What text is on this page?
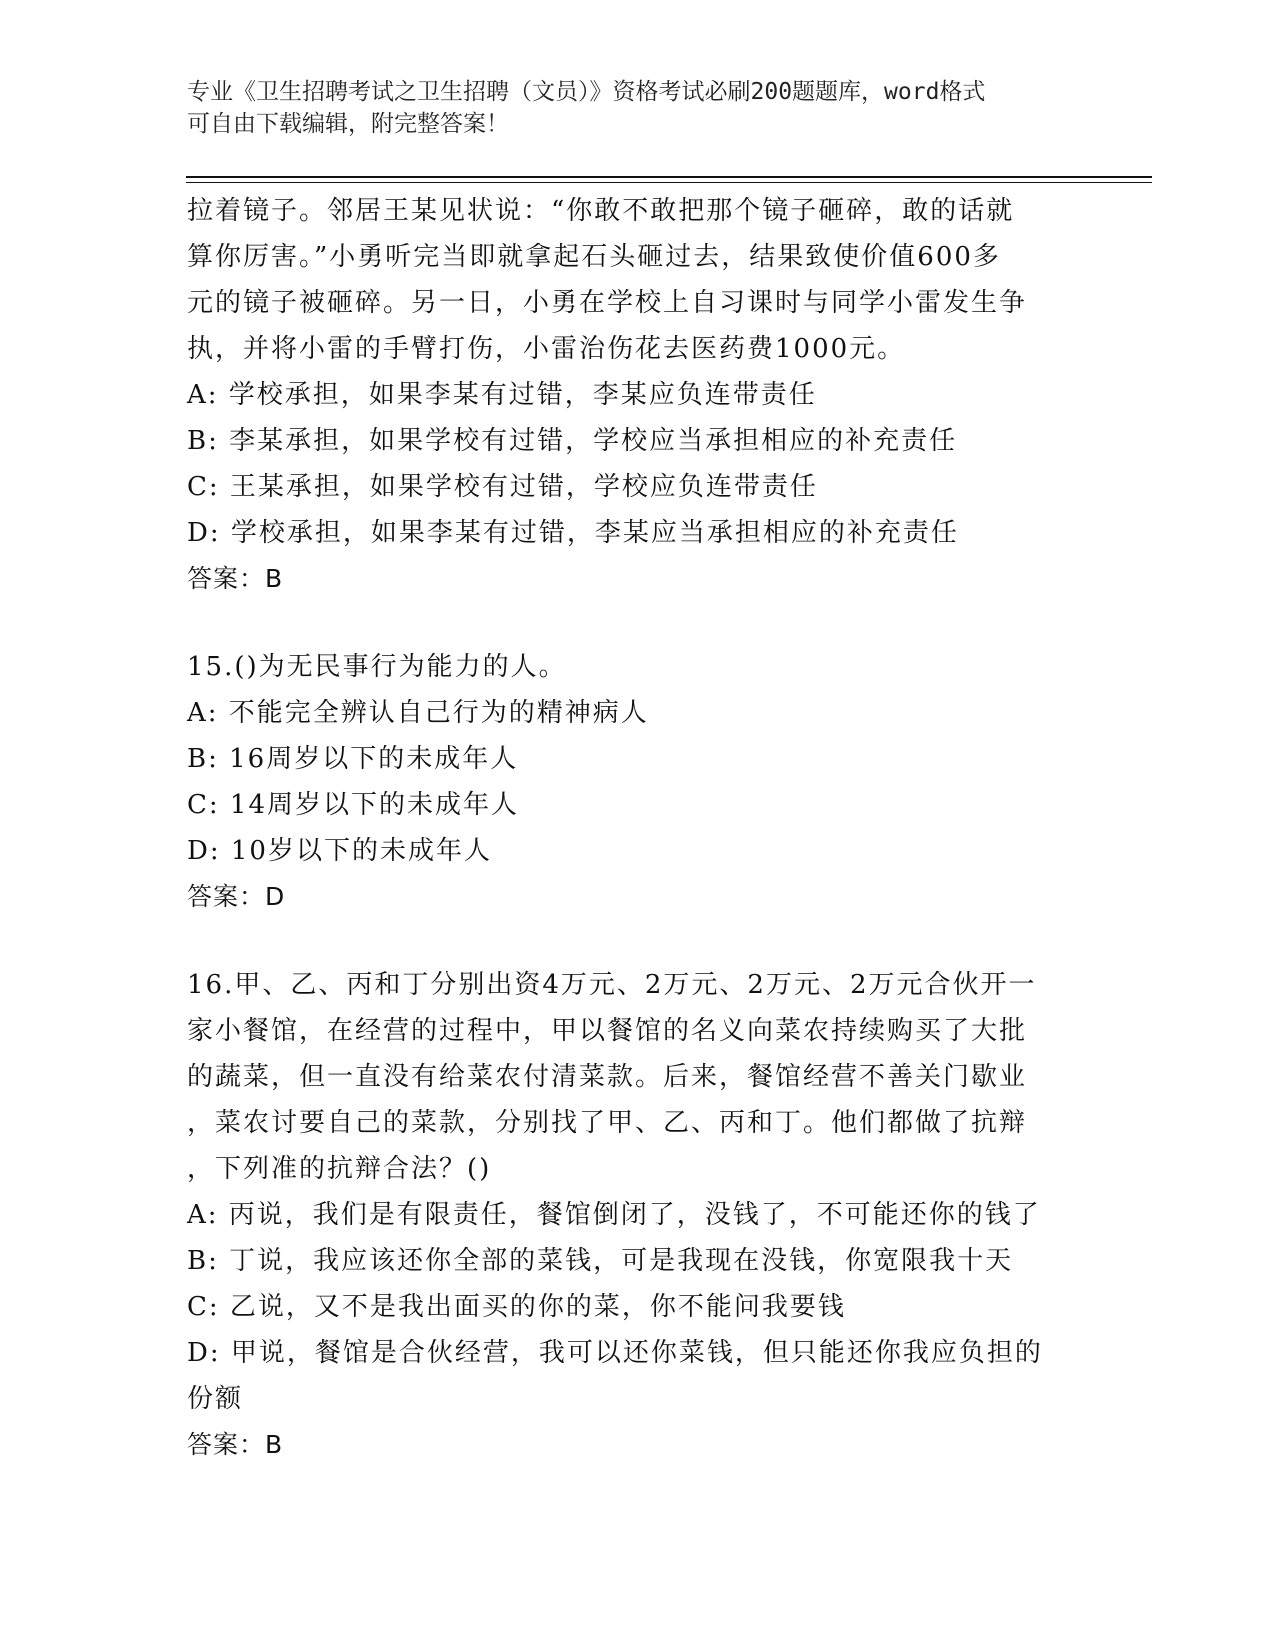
专业《卫生招聘考试之卫生招聘（文员）》资格考试必刷200题题库，word格式
可自由下载编辑，附完整答案！
拉着镜子。邻居王某见状说：“你敢不敢把那个镜子砸碎，敢的话就
算你厉害。”小勇听完当即就拿起石头砸过去，结果致使价值600多
元的镜子被砸碎。另一日，小勇在学校上自习课时与同学小雷发生争
执，并将小雷的手臂打伤，小雷治伤花去医药费1000元。
A: 学校承担，如果李某有过错，李某应负连带责任
B: 李某承担，如果学校有过错，学校应当承担相应的补充责任
C: 王某承担，如果学校有过错，学校应负连带责任
D: 学校承担，如果李某有过错，李某应当承担相应的补充责任
答案：B
15.()为无民事行为能力的人。
A: 不能完全辨认自己行为的精神病人
B: 16周岁以下的未成年人
C: 14周岁以下的未成年人
D: 10岁以下的未成年人
答案：D
16.甲、乙、丙和丁分别出资4万元、2万元、2万元、2万元合伙开一
家小餐馆，在经营的过程中，甲以餐馆的名义向菜农持续购买了大批
的蔬菜，但一直没有给菜农付清菜款。后来，餐馆经营不善关门歇业
，菜农讨要自己的菜款，分别找了甲、乙、丙和丁。他们都做了抗辩
，下列准的抗辩合法？()
A: 丙说，我们是有限责任，餐馆倒闭了，没钱了，不可能还你的钱了
B: 丁说，我应该还你全部的菜钱，可是我现在没钱，你宽限我十天
C: 乙说，又不是我出面买的你的菜，你不能问我要钱
D: 甲说，餐馆是合伙经营，我可以还你菜钱，但只能还你我应负担的
份额
答案：B
